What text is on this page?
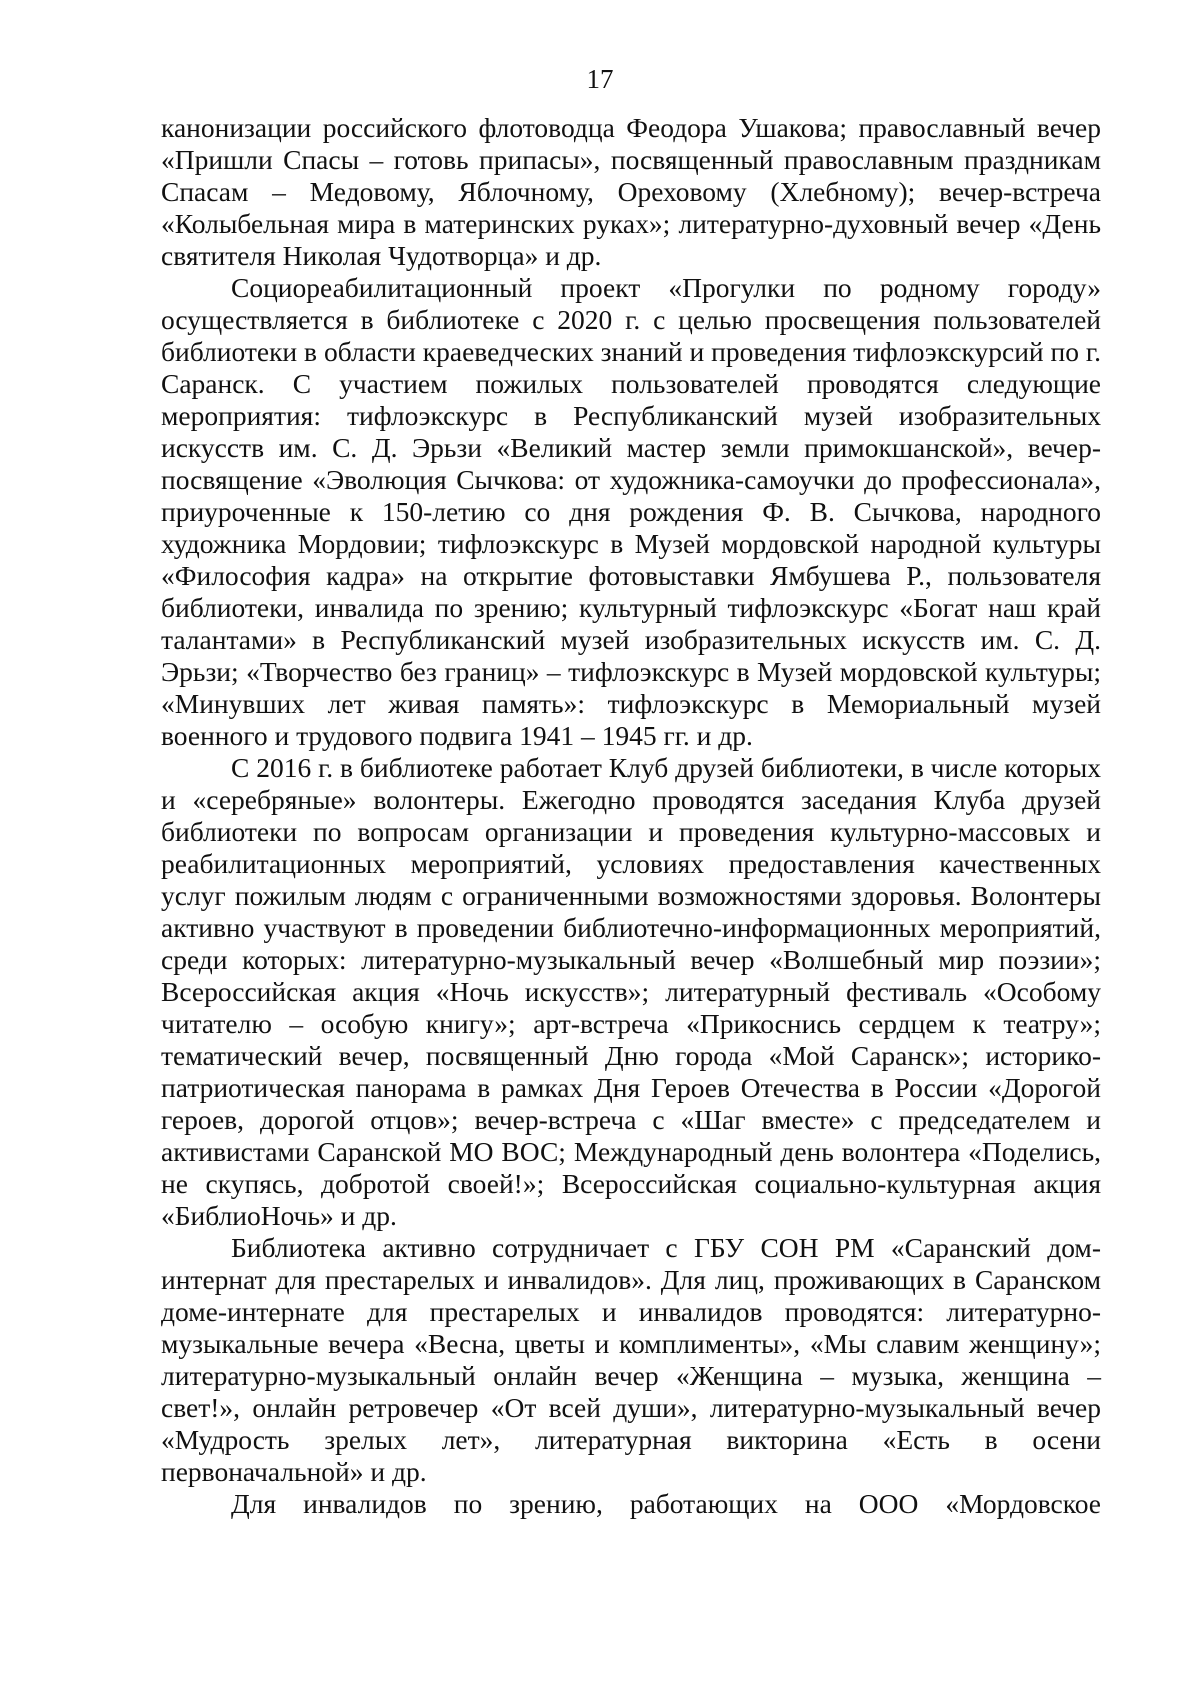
17

канонизации российского флотоводца Феодора Ушакова; православный вечер «Пришли Спасы – готовь припасы», посвященный православным праздникам Спасам – Медовому, Яблочному, Ореховому (Хлебному); вечер-встреча «Колыбельная мира в материнских руках»; литературно-духовный вечер «День святителя Николая Чудотворца» и др.

Социореабилитационный проект «Прогулки по родному городу» осуществляется в библиотеке с 2020 г. с целью просвещения пользователей библиотеки в области краеведческих знаний и проведения тифлоэкскурсий по г. Саранск. С участием пожилых пользователей проводятся следующие мероприятия: тифлоэкскурс в Республиканский музей изобразительных искусств им. С. Д. Эрьзи «Великий мастер земли примокшанской», вечер-посвящение «Эволюция Сычкова: от художника-самоучки до профессионала», приуроченные к 150-летию со дня рождения Ф. В. Сычкова, народного художника Мордовии; тифлоэкскурс в Музей мордовской народной культуры «Философия кадра» на открытие фотовыставки Ямбушева Р., пользователя библиотеки, инвалида по зрению; культурный тифлоэкскурс «Богат наш край талантами» в Республиканский музей изобразительных искусств им. С. Д. Эрьзи; «Творчество без границ» – тифлоэкскурс в Музей мордовской культуры; «Минувших лет живая память»: тифлоэкскурс в Мемориальный музей военного и трудового подвига 1941 – 1945 гг. и др.

С 2016 г. в библиотеке работает Клуб друзей библиотеки, в числе которых и «серебряные» волонтеры. Ежегодно проводятся заседания Клуба друзей библиотеки по вопросам организации и проведения культурно-массовых и реабилитационных мероприятий, условиях предоставления качественных услуг пожилым людям с ограниченными возможностями здоровья. Волонтеры активно участвуют в проведении библиотечно-информационных мероприятий, среди которых: литературно-музыкальный вечер «Волшебный мир поэзии»; Всероссийская акция «Ночь искусств»; литературный фестиваль «Особому читателю – особую книгу»; арт-встреча «Прикоснись сердцем к театру»; тематический вечер, посвященный Дню города «Мой Саранск»; историко-патриотическая панорама в рамках Дня Героев Отечества в России «Дорогой героев, дорогой отцов»; вечер-встреча с «Шаг вместе» с председателем и активистами Саранской МО ВОС; Международный день волонтера «Поделись, не скупясь, добротой своей!»; Всероссийская социально-культурная акция «БиблиоНочь» и др.

Библиотека активно сотрудничает с ГБУ СОН РМ «Саранский дом-интернат для престарелых и инвалидов». Для лиц, проживающих в Саранском доме-интернате для престарелых и инвалидов проводятся: литературно-музыкальные вечера «Весна, цветы и комплименты», «Мы славим женщину»; литературно-музыкальный онлайн вечер «Женщина – музыка, женщина – свет!», онлайн ретровечер «От всей души», литературно-музыкальный вечер «Мудрость зрелых лет», литературная викторина «Есть в осени первоначальной» и др.

Для инвалидов по зрению, работающих на ООО «Мордовское
